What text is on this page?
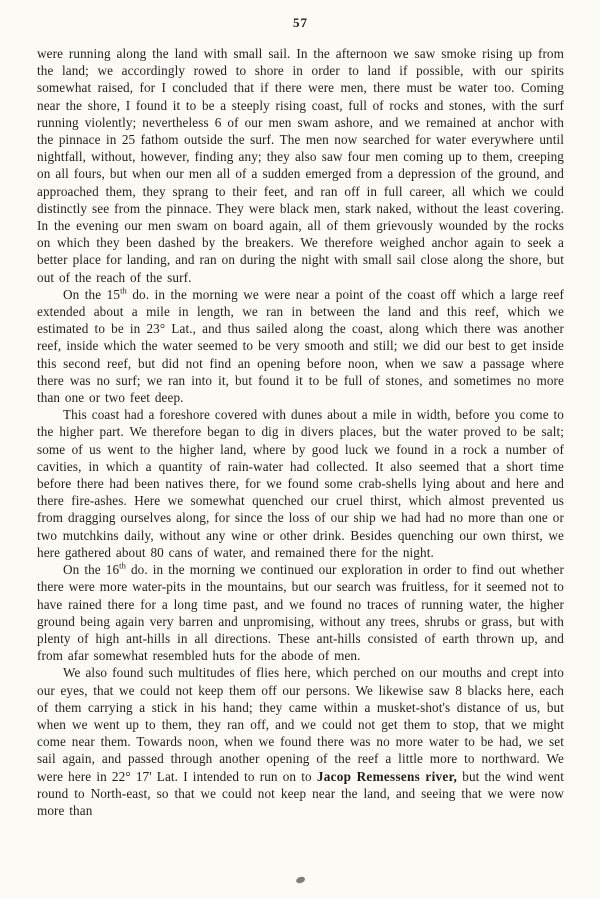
57

were running along the land with small sail. In the afternoon we saw smoke rising up from the land; we accordingly rowed to shore in order to land if possible, with our spirits somewhat raised, for I concluded that if there were men, there must be water too. Coming near the shore, I found it to be a steeply rising coast, full of rocks and stones, with the surf running violently; nevertheless 6 of our men swam ashore, and we remained at anchor with the pinnace in 25 fathom outside the surf. The men now searched for water everywhere until nightfall, without, however, finding any; they also saw four men coming up to them, creeping on all fours, but when our men all of a sudden emerged from a depression of the ground, and approached them, they sprang to their feet, and ran off in full career, all which we could distinctly see from the pinnace. They were black men, stark naked, without the least covering. In the evening our men swam on board again, all of them grievously wounded by the rocks on which they been dashed by the breakers. We therefore weighed anchor again to seek a better place for landing, and ran on during the night with small sail close along the shore, but out of the reach of the surf.

On the 15th do. in the morning we were near a point of the coast off which a large reef extended about a mile in length, we ran in between the land and this reef, which we estimated to be in 23° Lat., and thus sailed along the coast, along which there was another reef, inside which the water seemed to be very smooth and still; we did our best to get inside this second reef, but did not find an opening before noon, when we saw a passage where there was no surf; we ran into it, but found it to be full of stones, and sometimes no more than one or two feet deep.

This coast had a foreshore covered with dunes about a mile in width, before you come to the higher part. We therefore began to dig in divers places, but the water proved to be salt; some of us went to the higher land, where by good luck we found in a rock a number of cavities, in which a quantity of rain-water had collected. It also seemed that a short time before there had been natives there, for we found some crab-shells lying about and here and there fire-ashes. Here we somewhat quenched our cruel thirst, which almost prevented us from dragging ourselves along, for since the loss of our ship we had had no more than one or two mutchkins daily, without any wine or other drink. Besides quenching our own thirst, we here gathered about 80 cans of water, and remained there for the night.

On the 16th do. in the morning we continued our exploration in order to find out whether there were more water-pits in the mountains, but our search was fruitless, for it seemed not to have rained there for a long time past, and we found no traces of running water, the higher ground being again very barren and unpromising, without any trees, shrubs or grass, but with plenty of high ant-hills in all directions. These ant-hills consisted of earth thrown up, and from afar somewhat resembled huts for the abode of men.

We also found such multitudes of flies here, which perched on our mouths and crept into our eyes, that we could not keep them off our persons. We likewise saw 8 blacks here, each of them carrying a stick in his hand; they came within a musket-shot's distance of us, but when we went up to them, they ran off, and we could not get them to stop, that we might come near them. Towards noon, when we found there was no more water to be had, we set sail again, and passed through another opening of the reef a little more to northward. We were here in 22° 17' Lat. I intended to run on to Jacop Remessens river, but the wind went round to North-east, so that we could not keep near the land, and seeing that we were now more than
